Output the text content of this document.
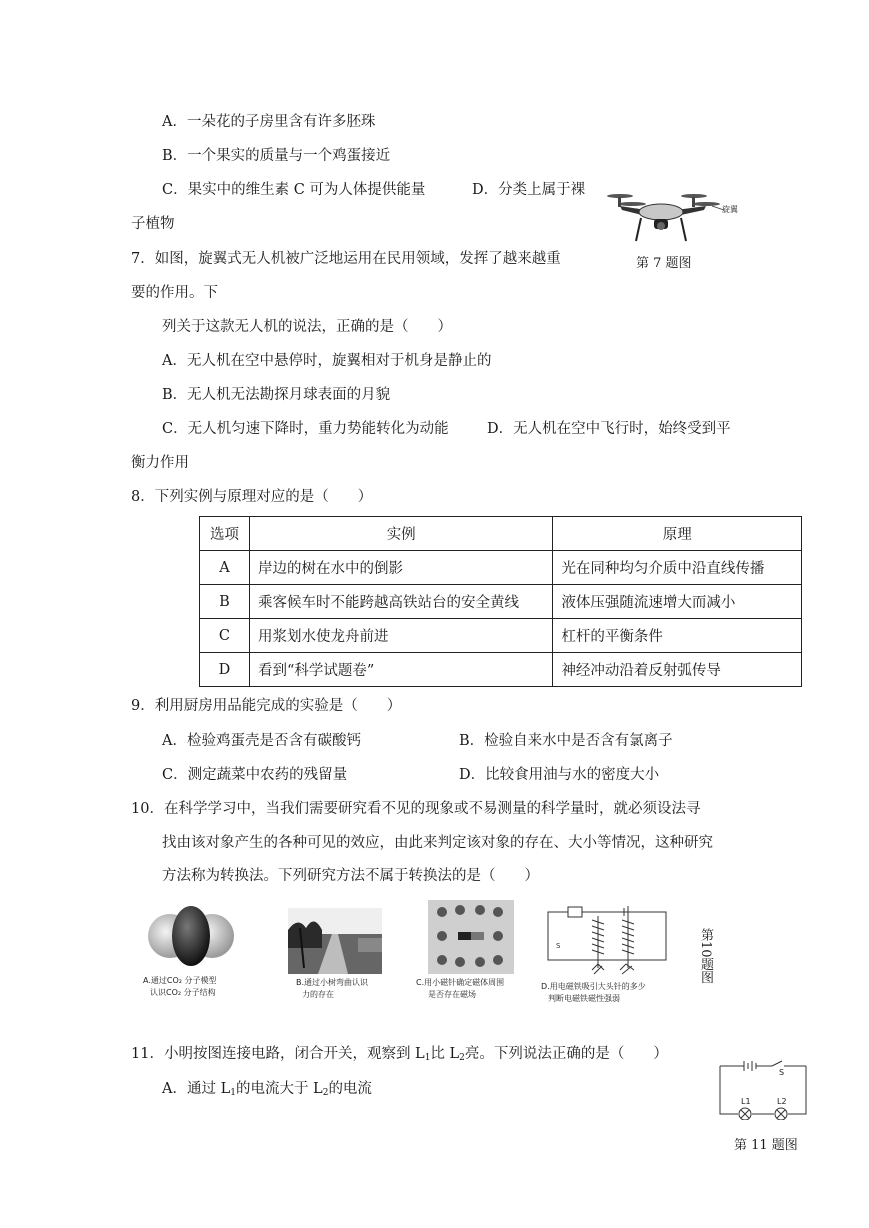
A．一朵花的子房里含有许多胚珠
B．一个果实的质量与一个鸡蛋接近
C．果实中的维生素 C 可为人体提供能量	D．分类上属于裸
子植物
旋翼
第 7 题图
7．如图，旋翼式无人机被广泛地运用在民用领域，发挥了越来越重
要的作用。下
列关于这款无人机的说法，正确的是（　　）
A．无人机在空中悬停时，旋翼相对于机身是静止的
B．无人机无法勘探月球表面的月貌
C．无人机匀速下降时，重力势能转化为动能	D．无人机在空中飞行时，始终受到平
衡力作用
8．下列实例与原理对应的是（　　）
选项	实例	原理
A	岸边的树在水中的倒影	光在同种均匀介质中沿直线传播
B	乘客候车时不能跨越高铁站台的安全黄线	液体压强随流速增大而减小
C	用浆划水使龙舟前进	杠杆的平衡条件
D	看到“科学试题卷”	神经冲动沿着反射弧传导
9．利用厨房用品能完成的实验是（　　）
A．检验鸡蛋壳是否含有碳酸钙	B．检验自来水中是否含有氯离子
C．测定蔬菜中农药的残留量	D．比较食用油与水的密度大小
10．在科学学习中，当我们需要研究看不见的现象或不易测量的科学量时，就必须设法寻
找由该对象产生的各种可见的效应，由此来判定该对象的存在、大小等情况，这种研究
方法称为转换法。下列研究方法不属于转换法的是（　　）
A.通过CO₂ 分子模型
认识CO₂ 分子结构
B.通过小树弯曲认识
力的存在
C.用小磁针确定磁体周围
是否存在磁场
S
D.用电磁铁吸引大头针的多少
判断电磁铁磁性强弱
第10题图
11．小明按图连接电路，闭合开关，观察到 $L_1$比 $L_2$亮。下列说法正确的是（　　）
A．通过 $L_1$的电流大于 $L_2$的电流
S
L1	L2
第 11 题图
